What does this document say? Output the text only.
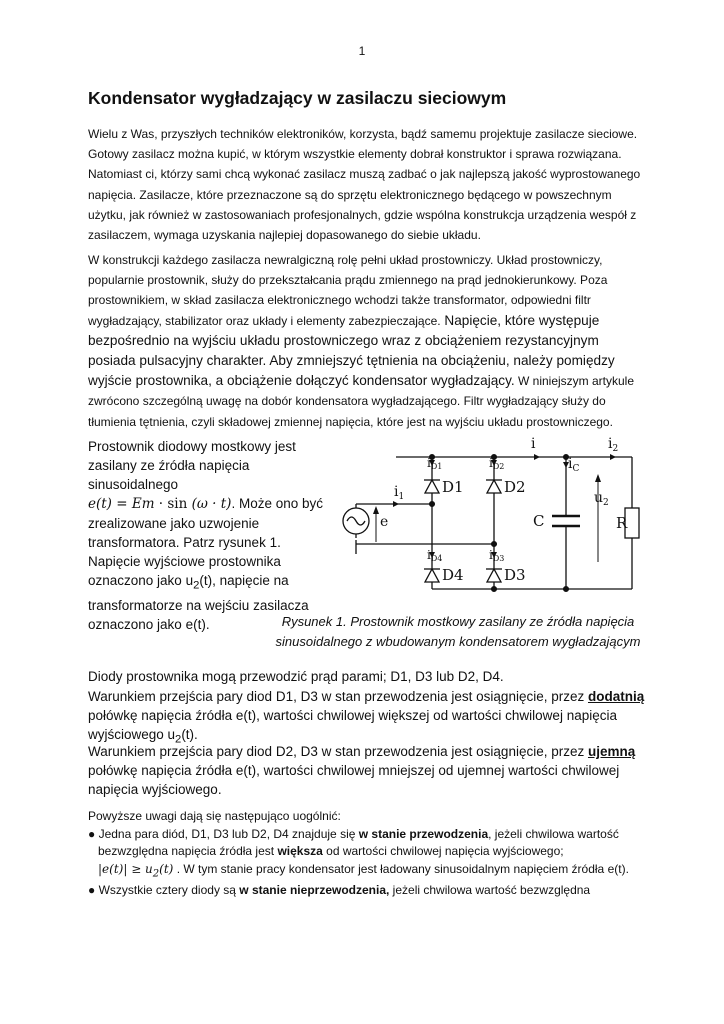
1
Kondensator wygładzający w zasilaczu sieciowym

Wielu z Was, przyszłych techników elektroników, korzysta, bądź samemu projektuje zasilacze sieciowe. Gotowy zasilacz można kupić, w którym wszystkie elementy dobrał konstruktor i sprawa rozwiązana. Natomiast ci, którzy sami chcą wykonać zasilacz muszą zadbać o jak najlepszą jakość wyprostowanego napięcia. Zasilacze, które przeznaczone są do sprzętu elektronicznego będącego w powszechnym użytku, jak również w zastosowaniach profesjonalnych, gdzie wspólna konstrukcja urządzenia wespół z zasilaczem, wymaga uzyskania najlepiej dopasowanego do siebie układu.

W konstrukcji każdego zasilacza newralgiczną rolę pełni układ prostowniczy. Układ prostowniczy, popularnie prostownik, służy do przekształcania prądu zmiennego na prąd jednokierunkowy. Poza prostownikiem, w skład zasilacza elektronicznego wchodzi także transformator, odpowiedni filtr wygładzający, stabilizator oraz układy i elementy zabezpieczające. Napięcie, które występuje bezpośrednio na wyjściu układu prostowniczego wraz z obciążeniem rezystancyjnym posiada pulsacyjny charakter. Aby zmniejszyć tętnienia na obciążeniu, należy pomiędzy wyjście prostownika, a obciążenie dołączyć kondensator wygładzający. W niniejszym artykule zwrócono szczególną uwagę na dobór kondensatora wygładzającego. Filtr wygładzający służy do tłumienia tętnienia, czyli składowej zmiennej napięcia, które jest na wyjściu układu prostowniczego.

Prostownik diodowy mostkowy jest zasilany ze źródła napięcia sinusoidalnego
e(t) = Em · sin (ω · t). Może ono być zrealizowane jako uzwojenie transformatora. Patrz rysunek 1. Napięcie wyjściowe prostownika oznaczono jako $u_2(t)$, napięcie na transformatorze na wejściu zasilacza oznaczono jako e(t).

i	$i_2$
$i_C$
$i_1$
e
$u_2$
C	R
D1	D2
D4	D3
iD1	iD2
iD4	iD3

Rysunek 1. Prostownik mostkowy zasilany ze źródła napięcia sinusoidalnego z wbudowanym kondensatorem wygładzającym

Diody prostownika mogą przewodzić prąd parami; D1, D3 lub D2, D4.

Warunkiem przejścia pary diod D1, D3 w stan przewodzenia jest osiągnięcie, przez dodatnią połówkę napięcia źródła e(t), wartości chwilowej większej od wartości chwilowej napięcia wyjściowego $u_2(t)$.

Warunkiem przejścia pary diod D2, D3 w stan przewodzenia jest osiągnięcie, przez ujemną połówkę napięcia źródła e(t), wartości chwilowej mniejszej od ujemnej wartości chwilowej napięcia wyjściowego.

Powyższe uwagi dają się następująco uogólnić:
● Jedna para diód, D1, D3 lub D2, D4 znajduje się w stanie przewodzenia, jeżeli chwilowa wartość bezwzględna napięcia źródła jest większa od wartości chwilowej napięcia wyjściowego;
$|e(t)| \ge u_2(t)$ . W tym stanie pracy kondensator jest ładowany sinusoidalnym napięciem źródła e(t).
● Wszystkie cztery diody są w stanie nieprzewodzenia, jeżeli chwilowa wartość bezwzględna
